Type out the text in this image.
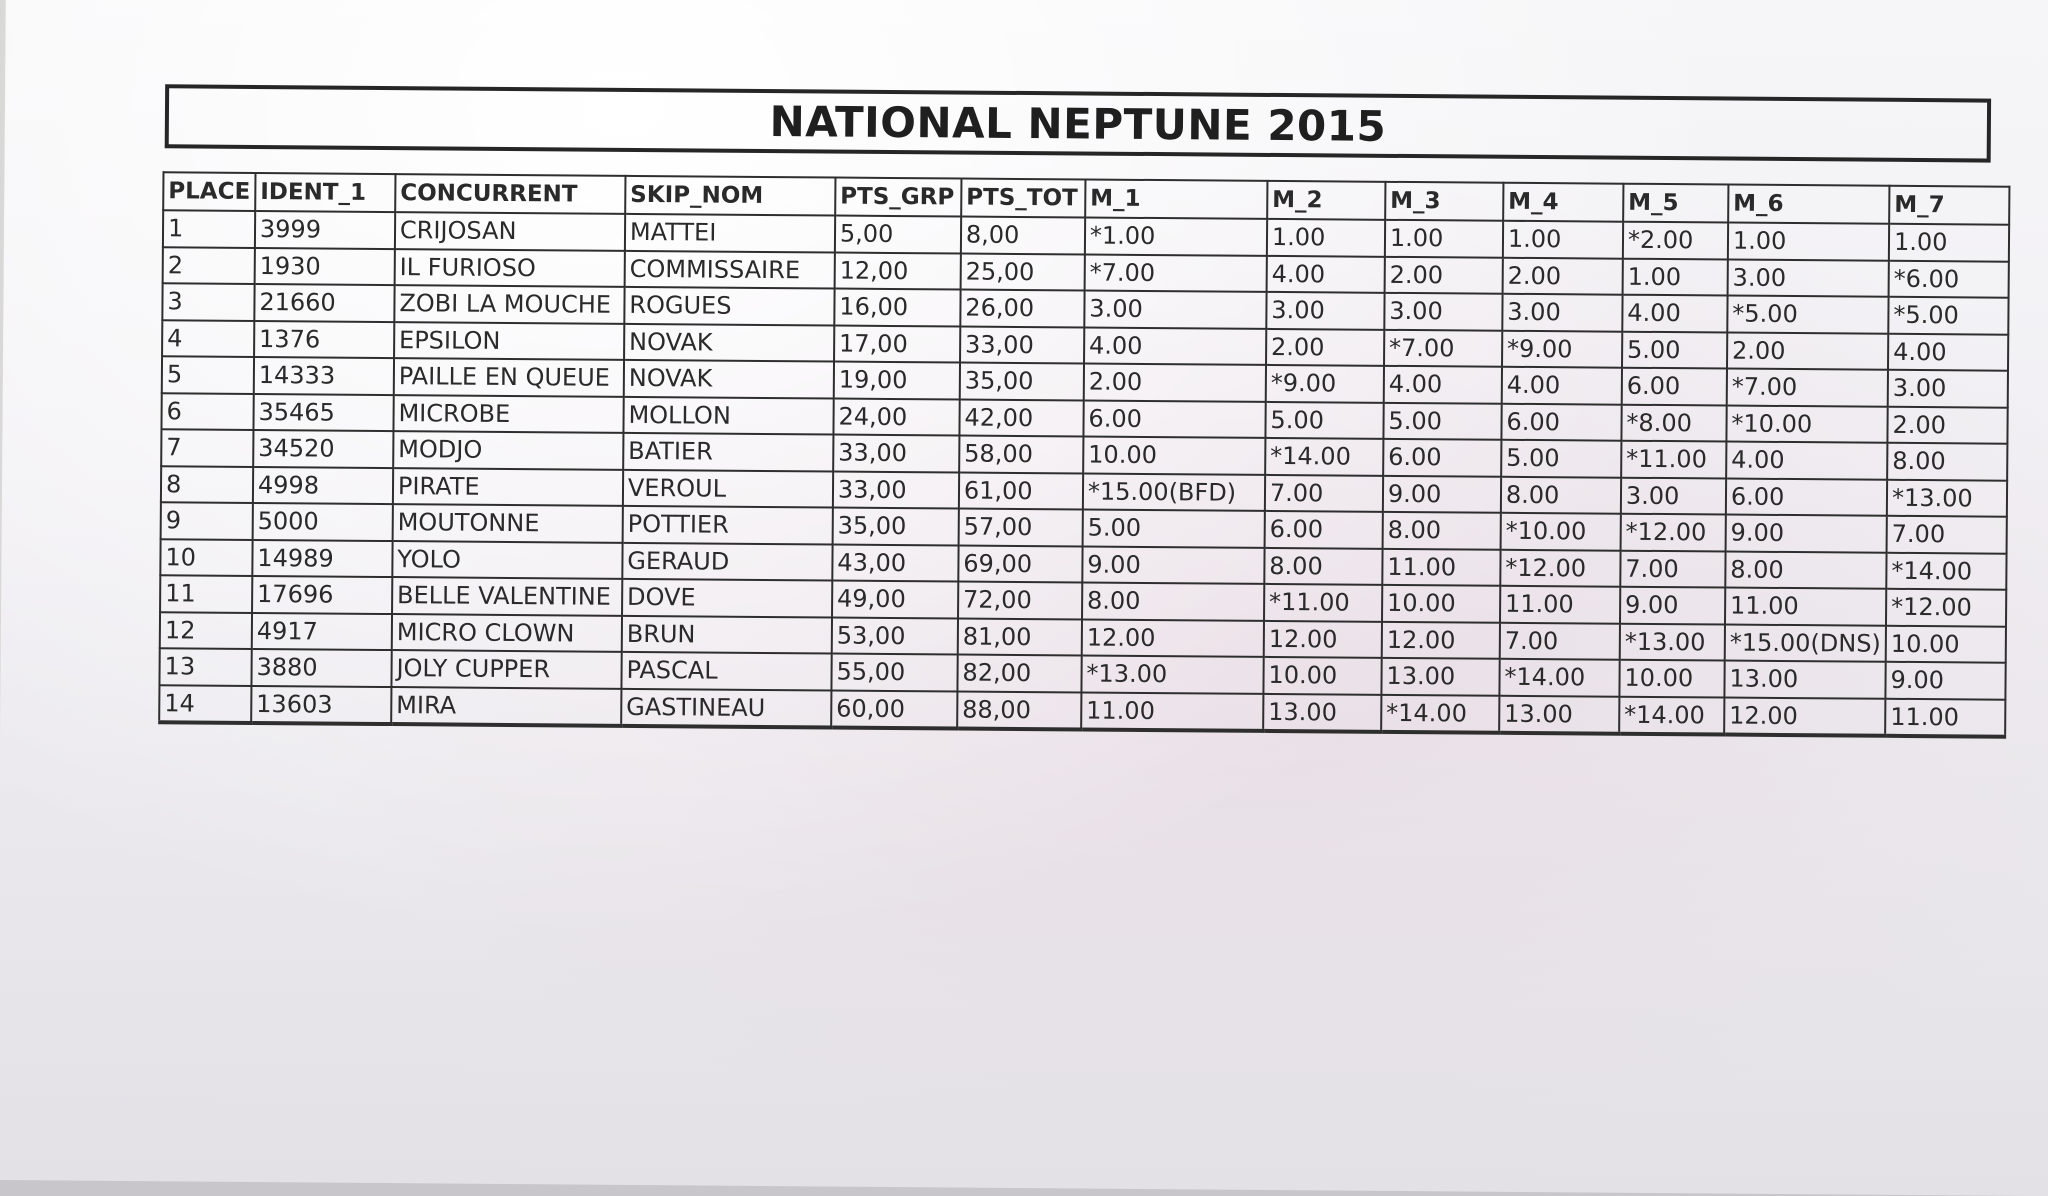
NATIONAL NEPTUNE 2015
PLACE	IDENT_1	CONCURRENT	SKIP_NOM	PTS_GRP	PTS_TOT	M_1	M_2	M_3	M_4	M_5	M_6	M_7
1	3999	CRIJOSAN	MATTEI	5,00	8,00	*1.00	1.00	1.00	1.00	*2.00	1.00	1.00
2	1930	IL FURIOSO	COMMISSAIRE	12,00	25,00	*7.00	4.00	2.00	2.00	1.00	3.00	*6.00
3	21660	ZOBI LA MOUCHE	ROGUES	16,00	26,00	3.00	3.00	3.00	3.00	4.00	*5.00	*5.00
4	1376	EPSILON	NOVAK	17,00	33,00	4.00	2.00	*7.00	*9.00	5.00	2.00	4.00
5	14333	PAILLE EN QUEUE	NOVAK	19,00	35,00	2.00	*9.00	4.00	4.00	6.00	*7.00	3.00
6	35465	MICROBE	MOLLON	24,00	42,00	6.00	5.00	5.00	6.00	*8.00	*10.00	2.00
7	34520	MODJO	BATIER	33,00	58,00	10.00	*14.00	6.00	5.00	*11.00	4.00	8.00
8	4998	PIRATE	VEROUL	33,00	61,00	*15.00(BFD)	7.00	9.00	8.00	3.00	6.00	*13.00
9	5000	MOUTONNE	POTTIER	35,00	57,00	5.00	6.00	8.00	*10.00	*12.00	9.00	7.00
10	14989	YOLO	GERAUD	43,00	69,00	9.00	8.00	11.00	*12.00	7.00	8.00	*14.00
11	17696	BELLE VALENTINE	DOVE	49,00	72,00	8.00	*11.00	10.00	11.00	9.00	11.00	*12.00
12	4917	MICRO CLOWN	BRUN	53,00	81,00	12.00	12.00	12.00	7.00	*13.00	*15.00(DNS)	10.00
13	3880	JOLY CUPPER	PASCAL	55,00	82,00	*13.00	10.00	13.00	*14.00	10.00	13.00	9.00
14	13603	MIRA	GASTINEAU	60,00	88,00	11.00	13.00	*14.00	13.00	*14.00	12.00	11.00
